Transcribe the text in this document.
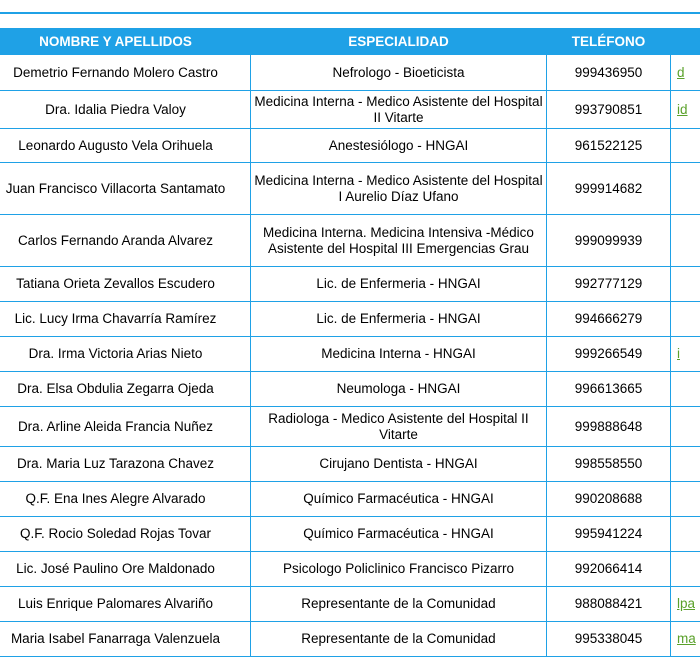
NOMBRE Y APELLIDOS	ESPECIALIDAD	TELÉFONO	
Demetrio Fernando Molero Castro	Nefrologo - Bioeticista	999436950	d
Dra. Idalia Piedra Valoy	Medicina Interna - Medico Asistente del Hospital II Vitarte	993790851	id
Leonardo Augusto Vela Orihuela	Anestesiólogo - HNGAI	961522125	
Juan Francisco Villacorta Santamato	Medicina Interna - Medico Asistente del Hospital I Aurelio Díaz Ufano	999914682	
Carlos Fernando Aranda Alvarez	Medicina Interna. Medicina Intensiva -Médico Asistente del Hospital III Emergencias Grau	999099939	
Tatiana Orieta Zevallos Escudero	Lic. de Enfermeria - HNGAI	992777129	
Lic. Lucy Irma Chavarría Ramírez	Lic. de Enfermeria - HNGAI	994666279	
Dra. Irma Victoria Arias Nieto	Medicina Interna - HNGAI	999266549	i
Dra. Elsa Obdulia Zegarra Ojeda	Neumologa - HNGAI	996613665	
Dra. Arline Aleida Francia Nuñez	Radiologa - Medico Asistente del Hospital II Vitarte	999888648	
Dra. Maria Luz Tarazona Chavez	Cirujano Dentista - HNGAI	998558550	
Q.F. Ena Ines Alegre Alvarado	Químico Farmacéutica - HNGAI	990208688	
Q.F. Rocio Soledad Rojas Tovar	Químico Farmacéutica - HNGAI	995941224	
Lic. José Paulino Ore Maldonado	Psicologo Policlinico Francisco Pizarro	992066414	
Luis Enrique Palomares Alvariño	Representante de la Comunidad	988088421	lpa
Maria Isabel Fanarraga Valenzuela	Representante de la Comunidad	995338045	ma
